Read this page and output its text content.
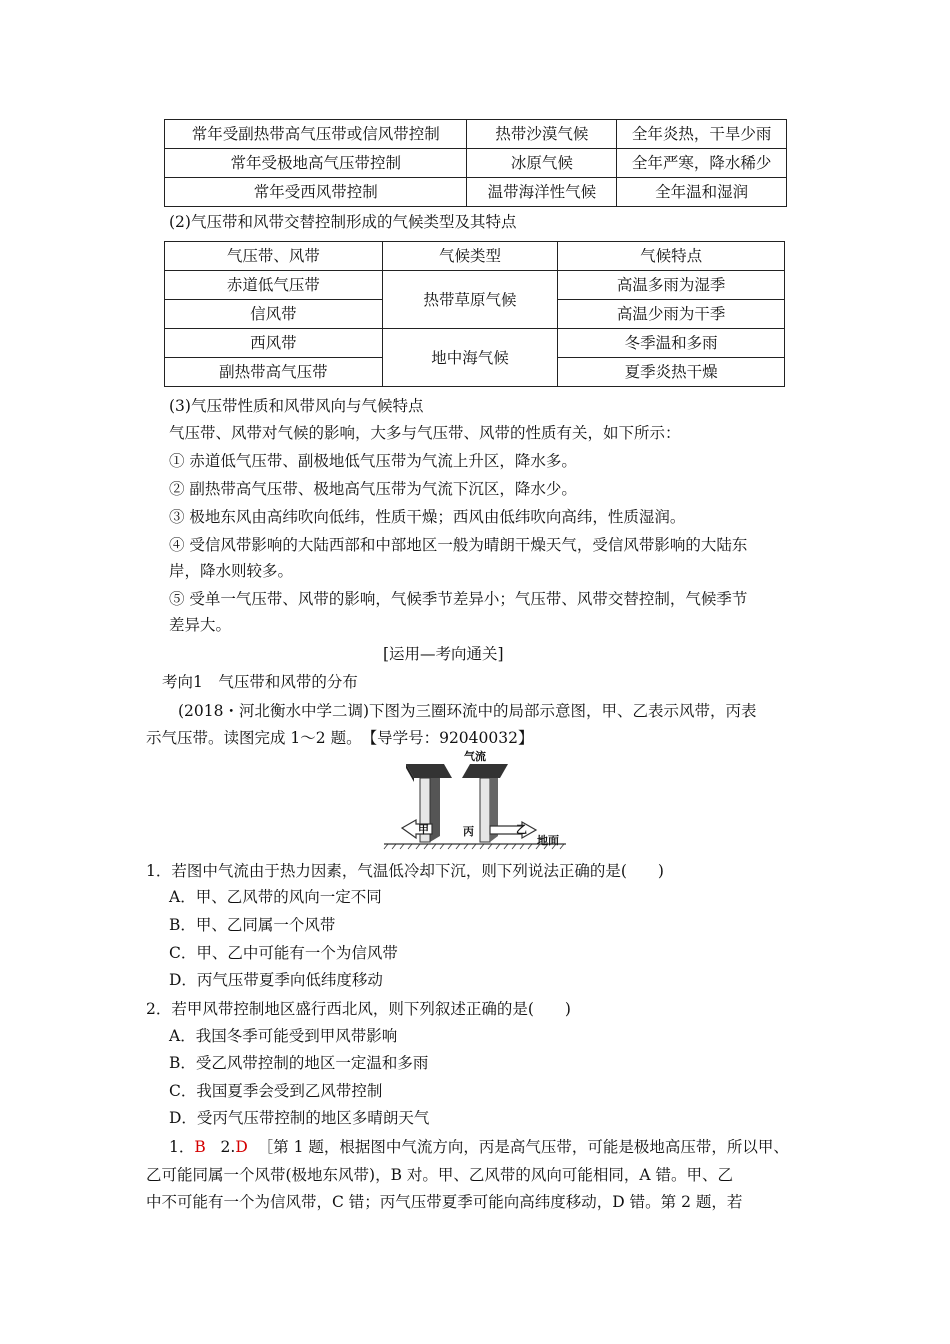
常年受副热带高气压带或信风带控制	热带沙漠气候	全年炎热，干旱少雨
常年受极地高气压带控制	冰原气候	全年严寒，降水稀少
常年受西风带控制	温带海洋性气候	全年温和湿润
(2)气压带和风带交替控制形成的气候类型及其特点
气压带、风带	气候类型	气候特点
赤道低气压带	热带草原气候	高温多雨为湿季
信风带		高温少雨为干季
西风带	地中海气候	冬季温和多雨
副热带高气压带		夏季炎热干燥
(3)气压带性质和风带风向与气候特点
气压带、风带对气候的影响，大多与气压带、风带的性质有关，如下所示：
① 赤道低气压带、副极地低气压带为气流上升区，降水多。
② 副热带高气压带、极地高气压带为气流下沉区，降水少。
③ 极地东风由高纬吹向低纬，性质干燥；西风由低纬吹向高纬，性质湿润。
④ 受信风带影响的大陆西部和中部地区一般为晴朗干燥天气，受信风带影响的大陆东
岸，降水则较多。
⑤ 受单一气压带、风带的影响，气候季节差异小；气压带、风带交替控制，气候季节
差异大。
[运用—考向通关]
考向1　气压带和风带的分布
(2018・河北衡水中学二调)下图为三圈环流中的局部示意图，甲、乙表示风带，丙表
示气压带。读图完成 1～2 题。　【导学号：92040032】
气流
甲	丙	乙
地面
1．若图中气流由于热力因素，气温低冷却下沉，则下列说法正确的是(　　)
A．甲、乙风带的风向一定不同
B．甲、乙同属一个风带
C．甲、乙中可能有一个为信风带
D．丙气压带夏季向低纬度移动
2．若甲风带控制地区盛行西北风，则下列叙述正确的是(　　)
A．我国冬季可能受到甲风带影响
B．受乙风带控制的地区一定温和多雨
C．我国夏季会受到乙风带控制
D．受丙气压带控制的地区多晴朗天气
1．B 2.D ［第 1 题，根据图中气流方向，丙是高气压带，可能是极地高压带，所以甲、
乙可能同属一个风带(极地东风带)，B 对。甲、乙风带的风向可能相同，A 错。甲、乙
中不可能有一个为信风带，C 错；丙气压带夏季可能向高纬度移动，D 错。第 2 题，若
